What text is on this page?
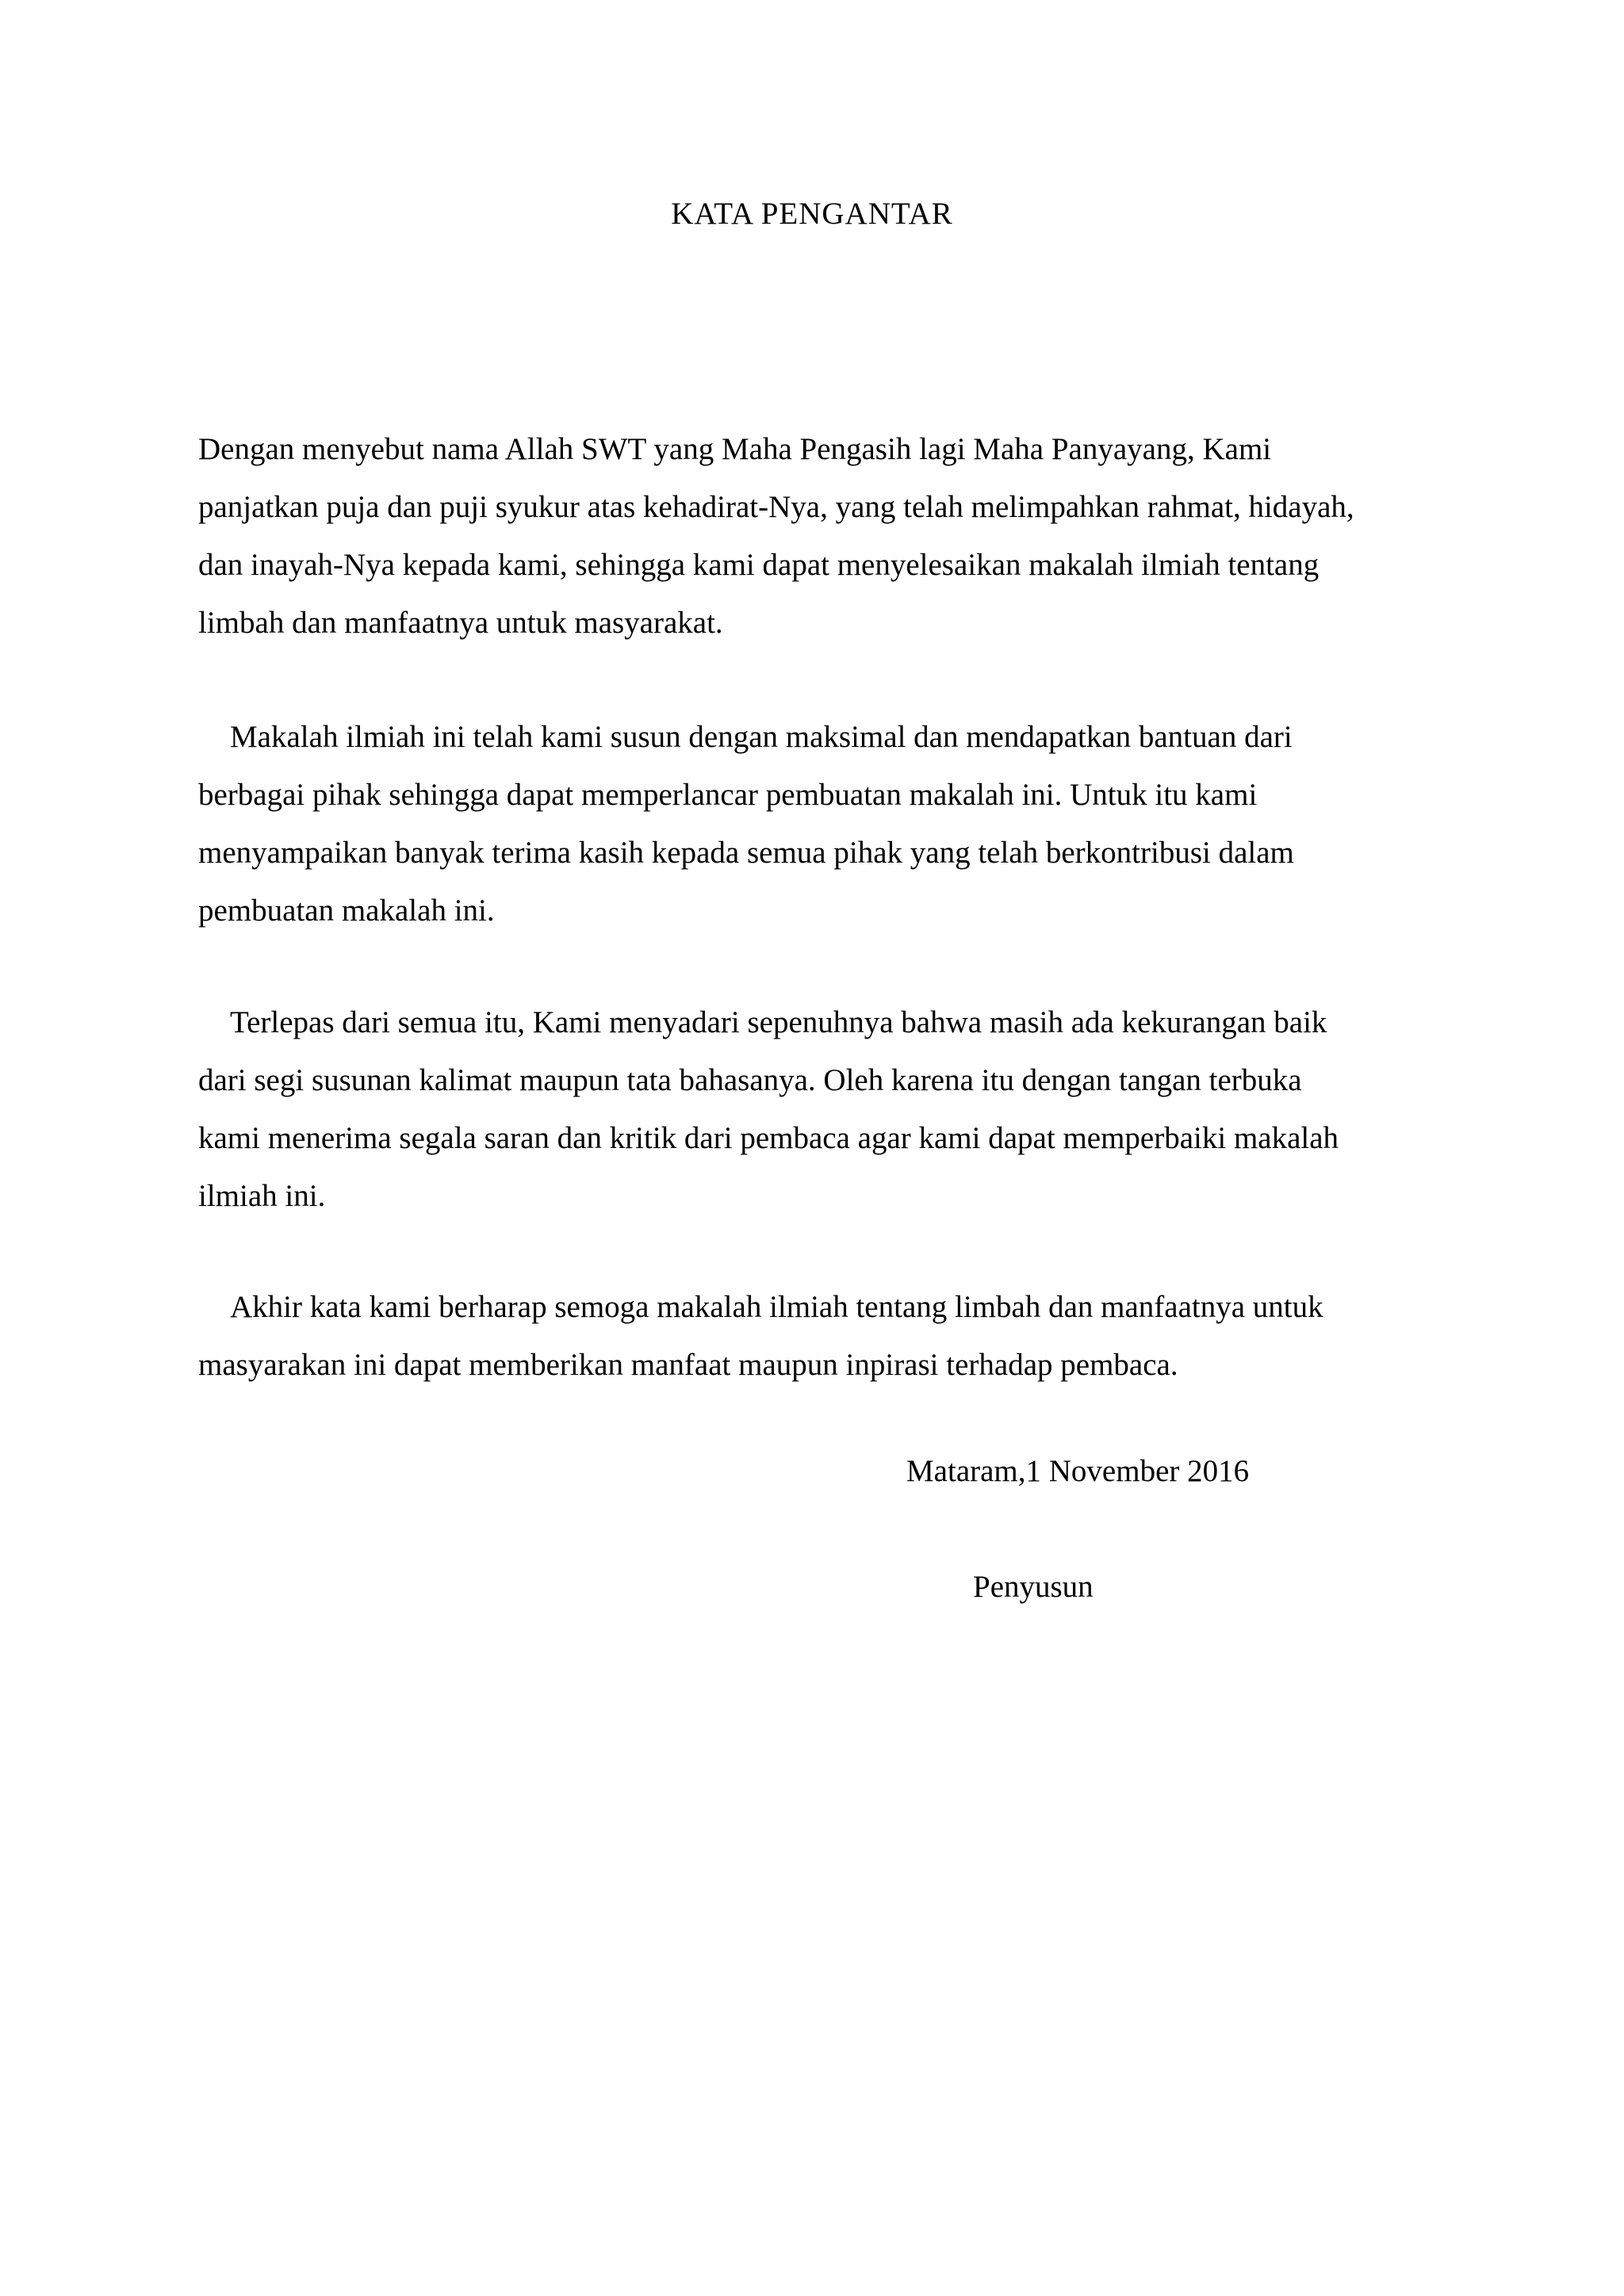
KATA PENGANTAR
Dengan menyebut nama Allah SWT yang Maha Pengasih lagi Maha Panyayang, Kami
panjatkan puja dan puji syukur atas kehadirat-Nya, yang telah melimpahkan rahmat, hidayah,
dan inayah-Nya kepada kami, sehingga kami dapat menyelesaikan makalah ilmiah tentang
limbah dan manfaatnya untuk masyarakat.
Makalah ilmiah ini telah kami susun dengan maksimal dan mendapatkan bantuan dari
berbagai pihak sehingga dapat memperlancar pembuatan makalah ini. Untuk itu kami
menyampaikan banyak terima kasih kepada semua pihak yang telah berkontribusi dalam
pembuatan makalah ini.
Terlepas dari semua itu, Kami menyadari sepenuhnya bahwa masih ada kekurangan baik
dari segi susunan kalimat maupun tata bahasanya. Oleh karena itu dengan tangan terbuka
kami menerima segala saran dan kritik dari pembaca agar kami dapat memperbaiki makalah
ilmiah ini.
Akhir kata kami berharap semoga makalah ilmiah tentang limbah dan manfaatnya untuk
masyarakan ini dapat memberikan manfaat maupun inpirasi terhadap pembaca.
Mataram,1 November 2016
Penyusun
